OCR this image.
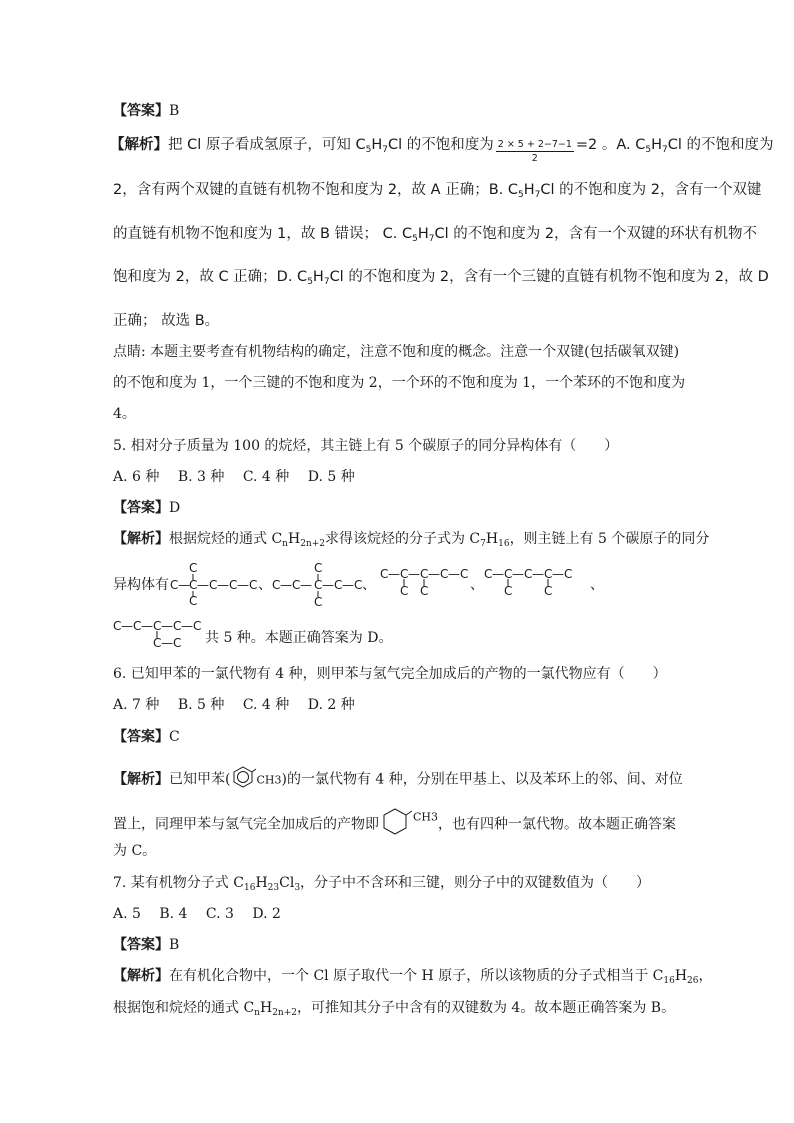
【答案】B
【解析】把 Cl 原子看成氢原子，可知 $C_5H_7Cl$ 的不饱和度为 $\frac{2 \times 5 + 2-7-1}{2} =2$ 。A. $C_5H_7Cl$ 的不饱和度为
2，含有两个双键的直链有机物不饱和度为 2，故 A 正确；B. $C_5H_7Cl$ 的不饱和度为 2，含有一个双键
的直链有机物不饱和度为 1，故 B 错误； C. $C_5H_7Cl$ 的不饱和度为 2，含有一个双键的环状有机物不
饱和度为 2，故 C 正确；D. $C_5H_7Cl$ 的不饱和度为 2，含有一个三键的直链有机物不饱和度为 2，故 D
正确； 故选 B。
点睛: 本题主要考查有机物结构的确定，注意不饱和度的概念。注意一个双键(包括碳氧双键)
的不饱和度为 1，一个三键的不饱和度为 2，一个环的不饱和度为 1，一个苯环的不饱和度为
4。
5. 相对分子质量为 100 的烷烃，其主链上有 5 个碳原子的同分异构体有（　　）
A. 6 种　 B. 3 种　 C. 4 种　 D. 5 种
【答案】D
【解析】根据烷烃的通式 $C_nH_{2n+2}$求得该烷烃的分子式为 $C_7H_{16}$，则主链上有 5 个碳原子的同分
异构体有
C
C — C — C — C — C
C
、 C — C —
C
C
C
— C — C 、
C — C — C — C — C
C C	、
C — C — C — C — C
C	C	、
C — C — C — C — C
C — C 共 5 种。本题正确答案为 D。
6. 已知甲苯的一氯代物有 4 种，则甲苯与氢气完全加成后的产物的一氯代物应有（　　）
A. 7 种　 B. 5 种　 C. 4 种　 D. 2 种
【答案】C
【解析】已知甲苯( CH3)的一氯代物有 4 种，分别在甲基上、以及苯环上的邻、间、对位
置上，同理甲苯与氢气完全加成后的产物即	$^{CH3}$，也有四种一氯代物。故本题正确答案
为 C。
7. 某有机物分子式 $C_{16}H_{23}Cl_3$，分子中不含环和三键，则分子中的双键数值为（　　）
A. 5　 B. 4　 C. 3　 D. 2
【答案】B
【解析】在有机化合物中，一个 Cl 原子取代一个 H 原子，所以该物质的分子式相当于 $C_{16}H_{26}$，
根据饱和烷烃的通式 $C_nH_{2n+2}$，可推知其分子中含有的双键数为 4。故本题正确答案为 B。
